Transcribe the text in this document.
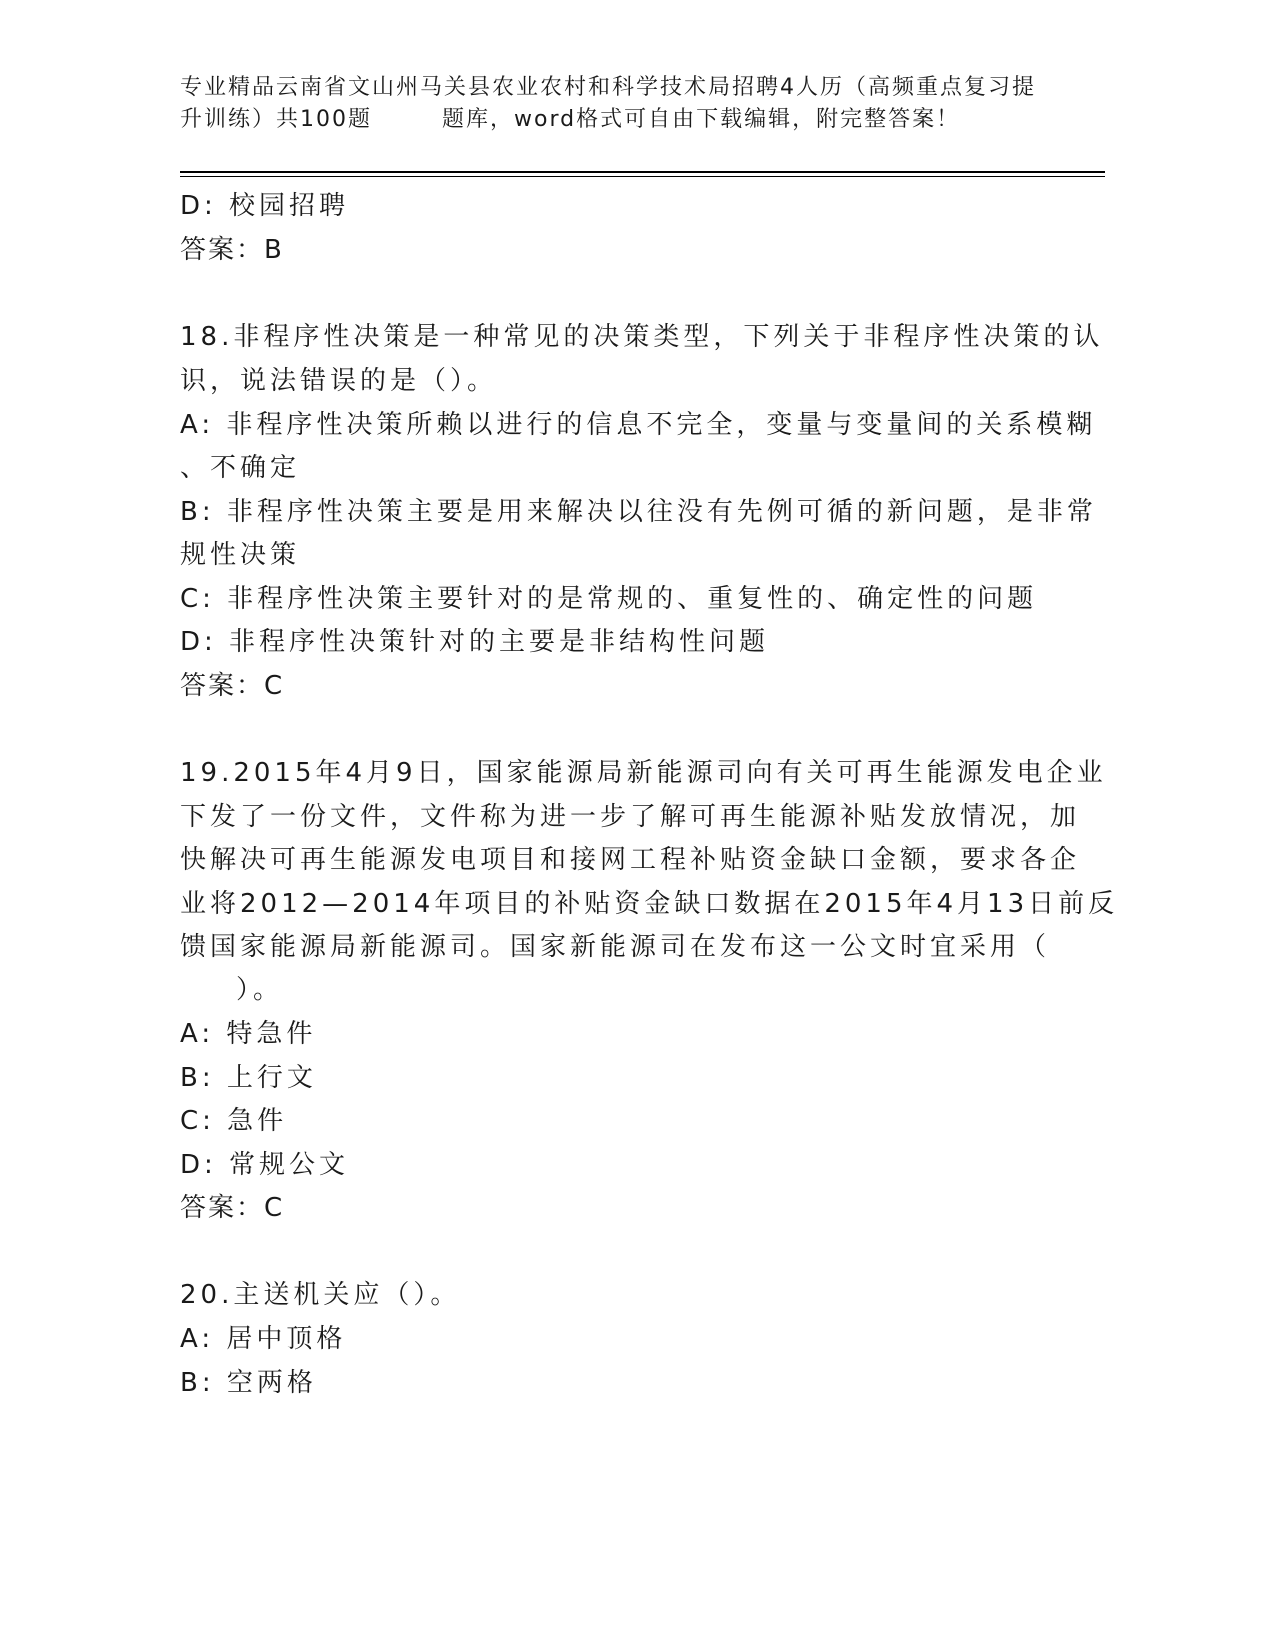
专业精品云南省文山州马关县农业农村和科学技术局招聘4人历（高频重点复习提
升训练）共100题	题库，word格式可自由下载编辑，附完整答案！
D: 校园招聘
答案：B
18.非程序性决策是一种常见的决策类型，下列关于非程序性决策的认
识，说法错误的是（）。
A: 非程序性决策所赖以进行的信息不完全，变量与变量间的关系模糊
、不确定
B: 非程序性决策主要是用来解决以往没有先例可循的新问题，是非常
规性决策
C: 非程序性决策主要针对的是常规的、重复性的、确定性的问题
D: 非程序性决策针对的主要是非结构性问题
答案：C
19.2015年4月9日，国家能源局新能源司向有关可再生能源发电企业
下发了一份文件，文件称为进一步了解可再生能源补贴发放情况，加
快解决可再生能源发电项目和接网工程补贴资金缺口金额，要求各企
业将2012—2014年项目的补贴资金缺口数据在2015年4月13日前反
馈国家能源局新能源司。国家新能源司在发布这一公文时宜采用（
）。
A: 特急件
B: 上行文
C: 急件
D: 常规公文
答案：C
20.主送机关应（）。
A: 居中顶格
B: 空两格
